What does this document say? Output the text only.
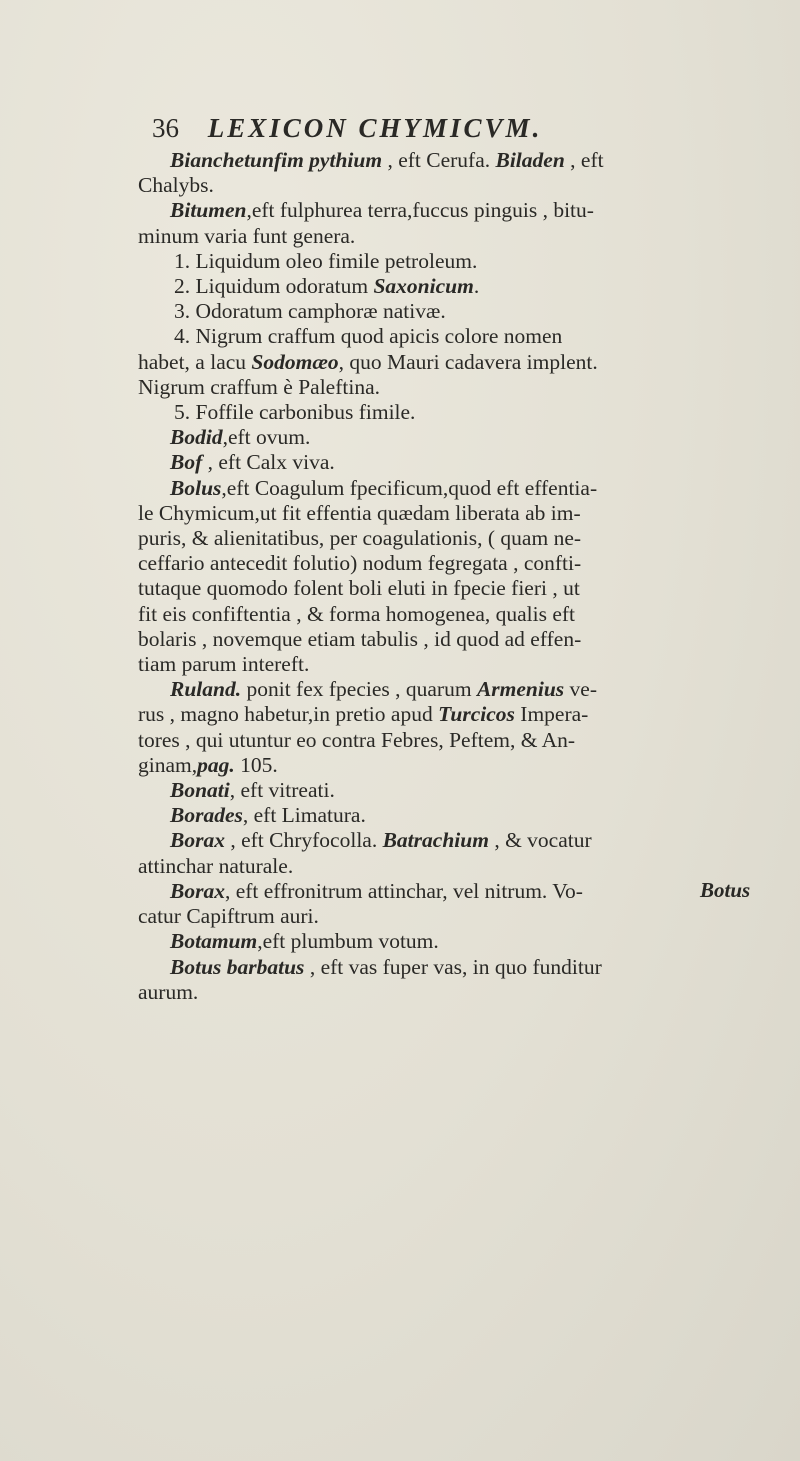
36 LEXICON CHYMICVM.

Bianchetunfim pythium , eft Cerufa. Biladen , eft

Chalybs.

Bitumen,eft fulphurea terra,fuccus pinguis , bitu-

minum varia funt genera.

1. Liquidum oleo fimile petroleum.

2. Liquidum odoratum Saxonicum.

3. Odoratum camphoræ nativæ.

4. Nigrum craffum quod apicis colore nomen

habet, a lacu Sodomæo, quo Mauri cadavera implent.

Nigrum craffum è Paleftina.

5. Foffile carbonibus fimile.

Bodid,eft ovum.

Bof , eft Calx viva.

Bolus,eft Coagulum fpecificum,quod eft effentia-

le Chymicum,ut fit effentia quædam liberata ab im-

puris, & alienitatibus, per coagulationis, ( quam ne-

ceffario antecedit folutio) nodum fegregata , confti-

tutaque quomodo folent boli eluti in fpecie fieri , ut

fit eis confiftentia , & forma homogenea, qualis eft

bolaris , novemque etiam tabulis , id quod ad effen-

tiam parum intereft.

Ruland. ponit fex fpecies , quarum Armenius ve-

rus , magno habetur,in pretio apud Turcicos Impera-

tores , qui utuntur eo contra Febres, Peftem, & An-

ginam,pag. 105.

Bonati, eft vitreati.

Borades, eft Limatura.

Borax , eft Chryfocolla. Batrachium , & vocatur

attinchar naturale.

Borax, eft effronitrum attinchar, vel nitrum. Vo-

catur Capiftrum auri.

Botamum,eft plumbum votum.

Botus barbatus , eft vas fuper vas, in quo funditur

aurum.

Botus
